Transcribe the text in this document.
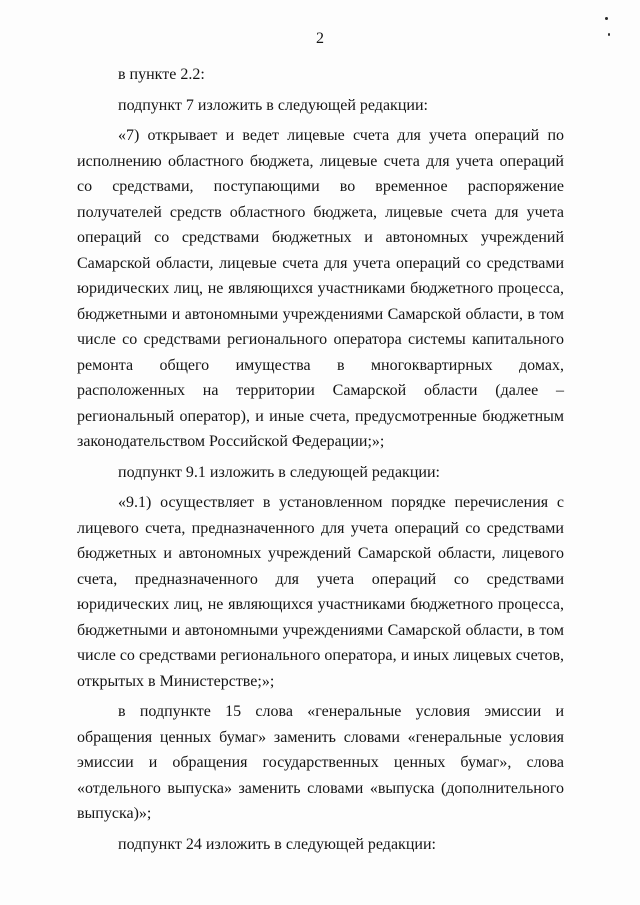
2

в пункте 2.2:

подпункт 7 изложить в следующей редакции:

«7) открывает и ведет лицевые счета для учета операций по исполнению областного бюджета, лицевые счета для учета операций со средствами, поступающими во временное распоряжение получателей средств областного бюджета, лицевые счета для учета операций со средствами бюджетных и автономных учреждений Самарской области, лицевые счета для учета операций со средствами юридических лиц, не являющихся участниками бюджетного процесса, бюджетными и автономными учреждениями Самарской области, в том числе со средствами регионального оператора системы капитального ремонта общего имущества в многоквартирных домах, расположенных на территории Самарской области (далее – региональный оператор), и иные счета, предусмотренные бюджетным законодательством Российской Федерации;»;

подпункт 9.1 изложить в следующей редакции:

«9.1) осуществляет в установленном порядке перечисления с лицевого счета, предназначенного для учета операций со средствами бюджетных и автономных учреждений Самарской области, лицевого счета, предназначенного для учета операций со средствами юридических лиц, не являющихся участниками бюджетного процесса, бюджетными и автономными учреждениями Самарской области, в том числе со средствами регионального оператора, и иных лицевых счетов, открытых в Министерстве;»;

в подпункте 15 слова «генеральные условия эмиссии и обращения ценных бумаг» заменить словами «генеральные условия эмиссии и обращения государственных ценных бумаг», слова «отдельного выпуска» заменить словами «выпуска (дополнительного выпуска)»;

подпункт 24 изложить в следующей редакции:
